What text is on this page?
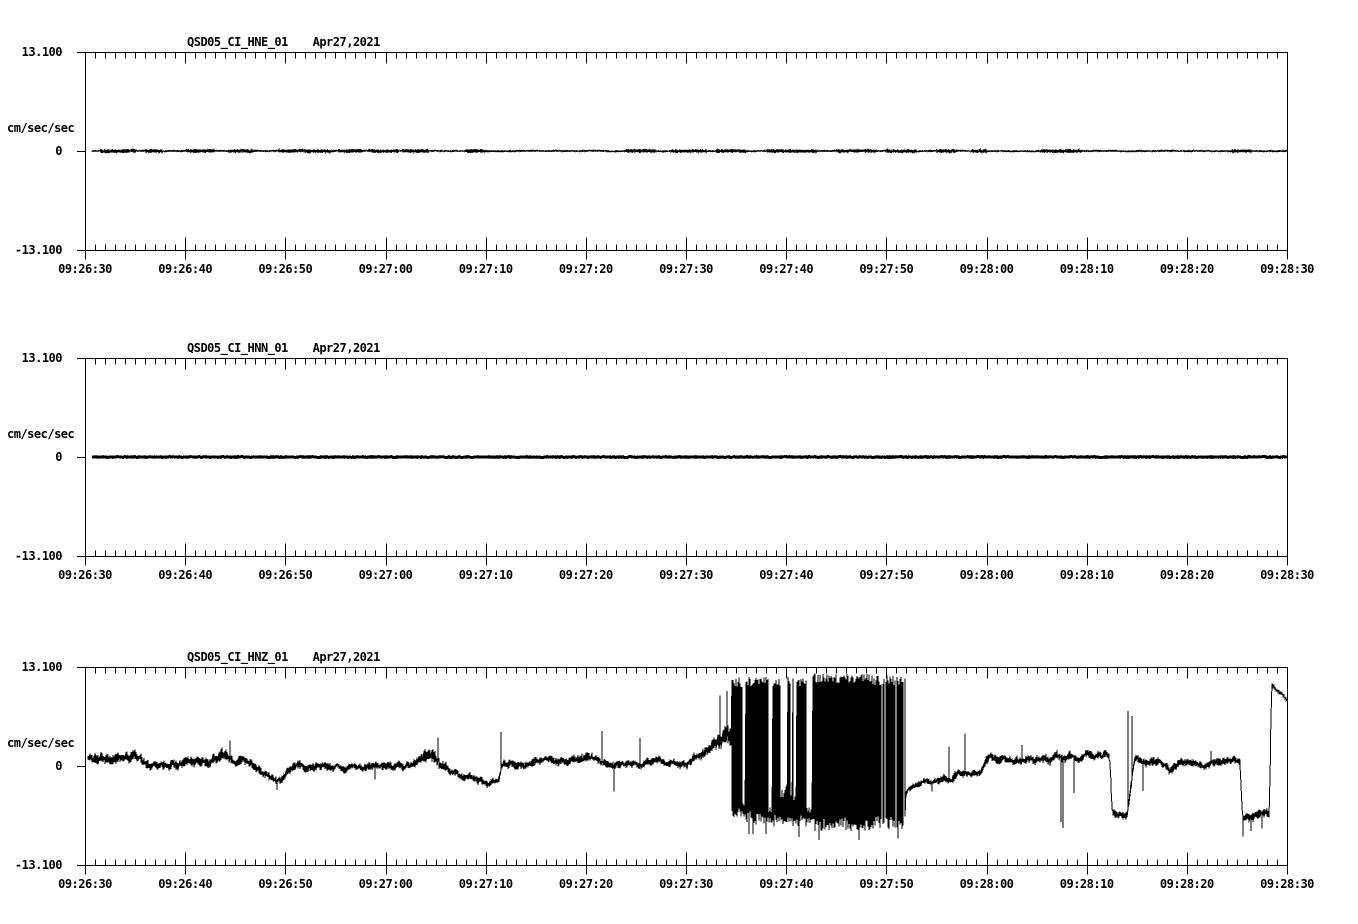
QSD05_CI_HNE_01 Apr27,2021
13.100
cm/sec/sec
0
-13.100
09:26:30	09:26:40	09:26:50	09:27:00	09:27:10	09:27:20	09:27:30	09:27:40	09:27:50	09:28:00	09:28:10	09:28:20	09:28:30
QSD05_CI_HNN_01 Apr27,2021
13.100
cm/sec/sec
0
-13.100
09:26:30	09:26:40	09:26:50	09:27:00	09:27:10	09:27:20	09:27:30	09:27:40	09:27:50	09:28:00	09:28:10	09:28:20	09:28:30
QSD05_CI_HNZ_01 Apr27,2021
13.100
cm/sec/sec
0
-13.100
09:26:30	09:26:40	09:26:50	09:27:00	09:27:10	09:27:20	09:27:30	09:27:40	09:27:50	09:28:00	09:28:10	09:28:20	09:28:30
